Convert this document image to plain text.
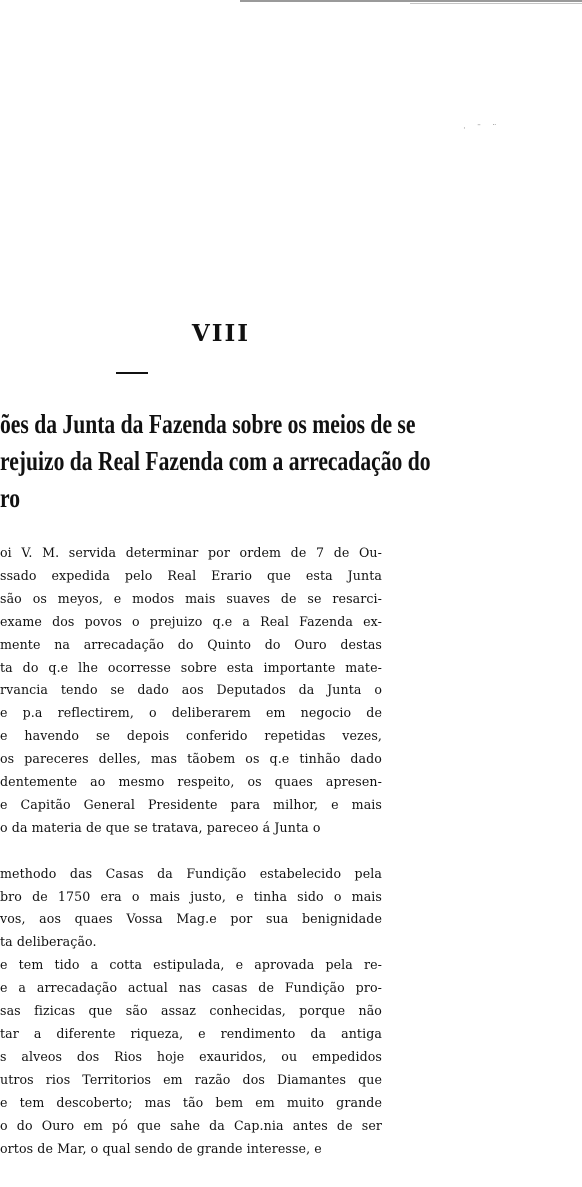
· ¯ ¨
VIII
ões da Junta da Fazenda sobre os meios de se
rejuizo da Real Fazenda com a arrecadação do
ro
oi V. M. servida determinar por ordem de 7 de Ou-
ssado expedida pelo Real Erario que esta Junta
são os meyos, e modos mais suaves de se resarci-
exame dos povos o prejuizo q.e a Real Fazenda ex-
mente na arrecadação do Quinto do Ouro destas
ta do q.e lhe ocorresse sobre esta importante mate-
rvancia tendo se dado aos Deputados da Junta o
e p.a reflectirem, o deliberarem em negocio de
e havendo se depois conferido repetidas vezes,
os pareceres delles, mas tãobem os q.e tinhão dado
dentemente ao mesmo respeito, os quaes apresen-
e Capitão General Presidente para milhor, e mais
o da materia de que se tratava, pareceo á Junta o
methodo das Casas da Fundição estabelecido pela
bro de 1750 era o mais justo, e tinha sido o mais
vos, aos quaes Vossa Mag.e por sua benignidade
ta deliberação.
e tem tido a cotta estipulada, e aprovada pela re-
e a arrecadação actual nas casas de Fundição pro-
sas fizicas que são assaz conhecidas, porque não
tar a diferente riqueza, e rendimento da antiga
s alveos dos Rios hoje exauridos, ou empedidos
utros rios Territorios em razão dos Diamantes que
e tem descoberto; mas tão bem em muito grande
o do Ouro em pó que sahe da Cap.nia antes de ser
ortos de Mar, o qual sendo de grande interesse, e
